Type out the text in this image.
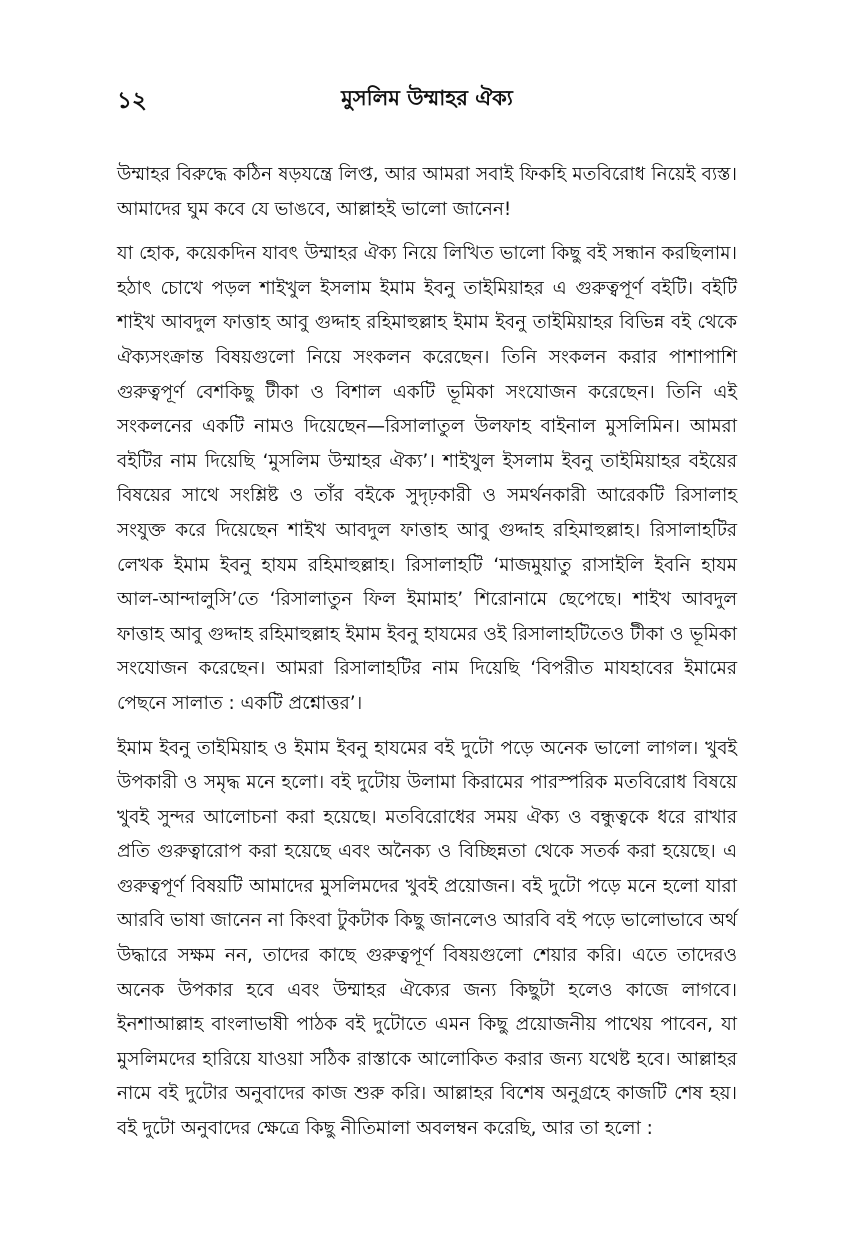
১২	মুসলিম উম্মাহর ঐক্য

উম্মাহর বিরুদ্ধে কঠিন ষড়যন্ত্রে লিপ্ত, আর আমরা সবাই ফিকহি মতবিরোধ নিয়েই ব্যস্ত। আমাদের ঘুম কবে যে ভাঙবে, আল্লাহই ভালো জানেন!

যা হোক, কয়েকদিন যাবৎ উম্মাহর ঐক্য নিয়ে লিখিত ভালো কিছু বই সন্ধান করছিলাম। হঠাৎ চোখে পড়ল শাইখুল ইসলাম ইমাম ইবনু তাইমিয়াহর এ গুরুত্বপূর্ণ বইটি। বইটি শাইখ আবদুল ফাত্তাহ আবু গুদ্দাহ রহিমাহুল্লাহ ইমাম ইবনু তাইমিয়াহর বিভিন্ন বই থেকে ঐক্যসংক্রান্ত বিষয়গুলো নিয়ে সংকলন করেছেন। তিনি সংকলন করার পাশাপাশি গুরুত্বপূর্ণ বেশকিছু টীকা ও বিশাল একটি ভূমিকা সংযোজন করেছেন। তিনি এই সংকলনের একটি নামও দিয়েছেন—রিসালাতুল উলফাহ বাইনাল মুসলিমিন। আমরা বইটির নাম দিয়েছি ‘মুসলিম উম্মাহর ঐক্য’। শাইখুল ইসলাম ইবনু তাইমিয়াহর বইয়ের বিষয়ের সাথে সংশ্লিষ্ট ও তাঁর বইকে সুদৃঢ়কারী ও সমর্থনকারী আরেকটি রিসালাহ সংযুক্ত করে দিয়েছেন শাইখ আবদুল ফাত্তাহ আবু গুদ্দাহ রহিমাহুল্লাহ। রিসালাহটির লেখক ইমাম ইবনু হাযম রহিমাহুল্লাহ। রিসালাহটি ‘মাজমুয়াতু রাসাইলি ইবনি হাযম আল-আন্দালুসি’তে ‘রিসালাতুন ফিল ইমামাহ’ শিরোনামে ছেপেছে। শাইখ আবদুল ফাত্তাহ আবু গুদ্দাহ রহিমাহুল্লাহ ইমাম ইবনু হাযমের ওই রিসালাহটিতেও টীকা ও ভূমিকা সংযোজন করেছেন। আমরা রিসালাহটির নাম দিয়েছি ‘বিপরীত মাযহাবের ইমামের পেছনে সালাত : একটি প্রশ্নোত্তর’।

ইমাম ইবনু তাইমিয়াহ ও ইমাম ইবনু হাযমের বই দুটো পড়ে অনেক ভালো লাগল। খুবই উপকারী ও সমৃদ্ধ মনে হলো। বই দুটোয় উলামা কিরামের পারস্পরিক মতবিরোধ বিষয়ে খুবই সুন্দর আলোচনা করা হয়েছে। মতবিরোধের সময় ঐক্য ও বন্ধুত্বকে ধরে রাখার প্রতি গুরুত্বারোপ করা হয়েছে এবং অনৈক্য ও বিচ্ছিন্নতা থেকে সতর্ক করা হয়েছে। এ গুরুত্বপূর্ণ বিষয়টি আমাদের মুসলিমদের খুবই প্রয়োজন। বই দুটো পড়ে মনে হলো যারা আরবি ভাষা জানেন না কিংবা টুকটাক কিছু জানলেও আরবি বই পড়ে ভালোভাবে অর্থ উদ্ধারে সক্ষম নন, তাদের কাছে গুরুত্বপূর্ণ বিষয়গুলো শেয়ার করি। এতে তাদেরও অনেক উপকার হবে এবং উম্মাহর ঐক্যের জন্য কিছুটা হলেও কাজে লাগবে। ইনশাআল্লাহ বাংলাভাষী পাঠক বই দুটোতে এমন কিছু প্রয়োজনীয় পাথেয় পাবেন, যা মুসলিমদের হারিয়ে যাওয়া সঠিক রাস্তাকে আলোকিত করার জন্য যথেষ্ট হবে। আল্লাহর নামে বই দুটোর অনুবাদের কাজ শুরু করি। আল্লাহর বিশেষ অনুগ্রহে কাজটি শেষ হয়। বই দুটো অনুবাদের ক্ষেত্রে কিছু নীতিমালা অবলম্বন করেছি, আর তা হলো :
